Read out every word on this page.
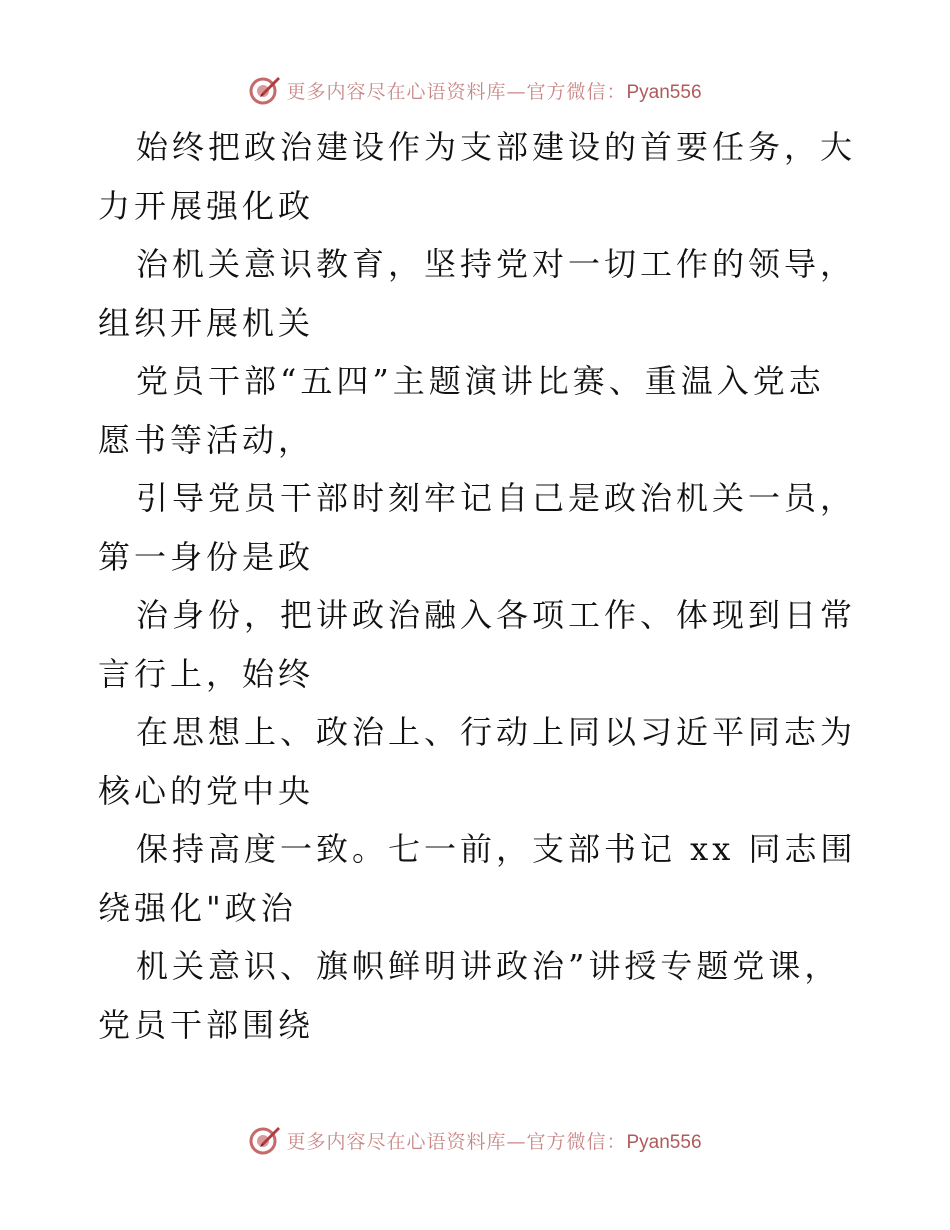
更多内容尽在心语资料库—官方微信：Pyan556

始终把政治建设作为支部建设的首要任务，大力开展强化政

治机关意识教育，坚持党对一切工作的领导，组织开展机关

党员干部“五四”主题演讲比赛、重温入党志愿书等活动，

引导党员干部时刻牢记自己是政治机关一员，第一身份是政

治身份，把讲政治融入各项工作、体现到日常言行上，始终

在思想上、政治上、行动上同以习近平同志为核心的党中央

保持高度一致。七一前，支部书记 xx 同志围绕强化"政治

机关意识、旗帜鲜明讲政治”讲授专题党课，党员干部围绕

更多内容尽在心语资料库—官方微信：Pyan556
